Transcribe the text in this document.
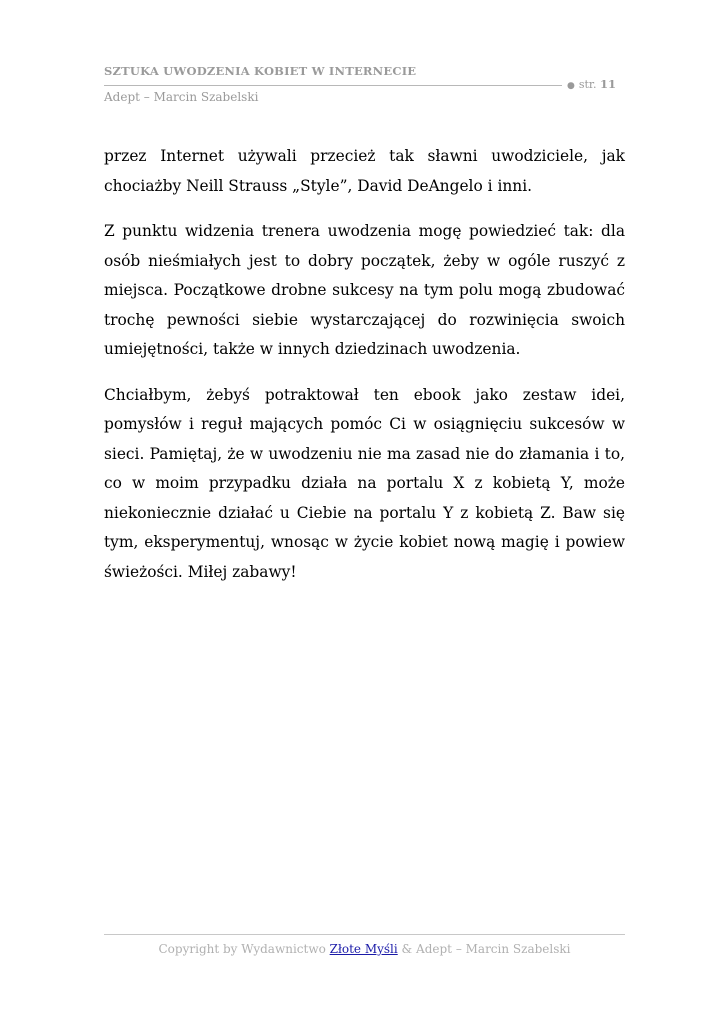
SZTUKA UWODZENIA KOBIET W INTERNECIE
Adept – Marcin Szabelski
● str. 11

przez Internet używali przecież tak sławni uwodziciele, jak chociażby Neill Strauss „Style”, David DeAngelo i inni.

Z punktu widzenia trenera uwodzenia mogę powiedzieć tak: dla osób nieśmiałych jest to dobry początek, żeby w ogóle ruszyć z miejsca. Początkowe drobne sukcesy na tym polu mogą zbudować trochę pewności siebie wystarczającej do rozwinięcia swoich umiejętności, także w innych dziedzinach uwodzenia.

Chciałbym, żebyś potraktował ten ebook jako zestaw idei, pomysłów i reguł mających pomóc Ci w osiągnięciu sukcesów w sieci. Pamiętaj, że w uwodzeniu nie ma zasad nie do złamania i to, co w moim przypadku działa na portalu X z kobietą Y, może niekoniecznie działać u Ciebie na portalu Y z kobietą Z. Baw się tym, eksperymentuj, wnosąc w życie kobiet nową magię i powiew świeżości. Miłej zabawy!

Copyright by Wydawnictwo Złote Myśli & Adept – Marcin Szabelski
